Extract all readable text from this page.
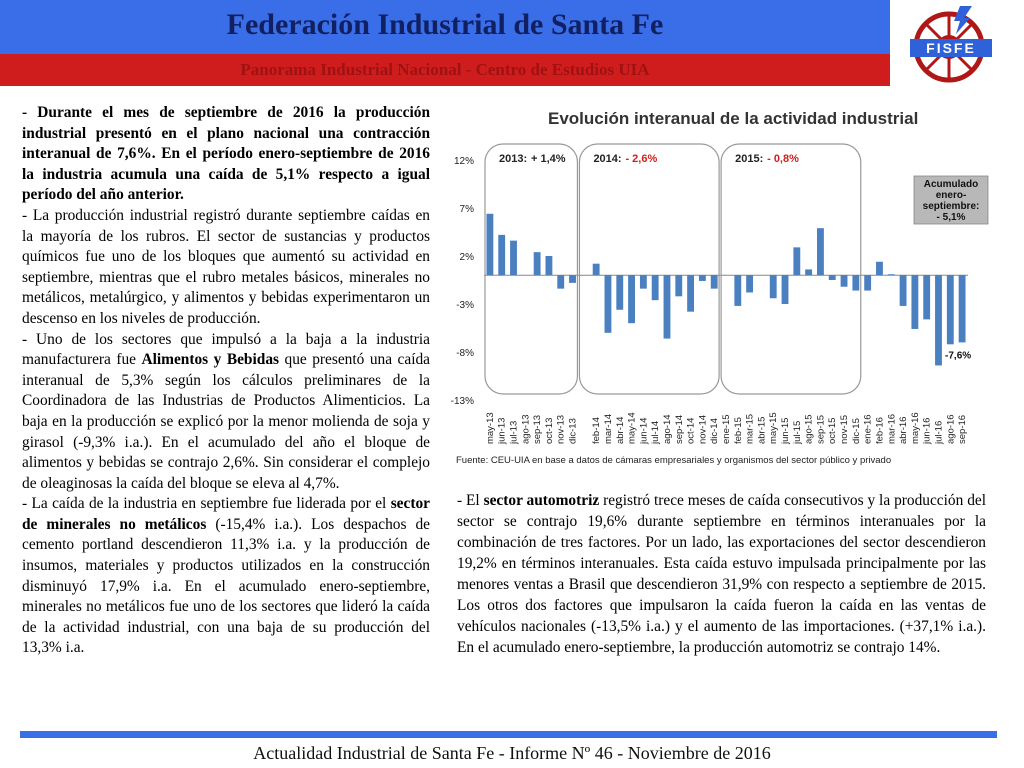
Federación Industrial de Santa Fe
Panorama Industrial Nacional - Centro de Estudios UIA
FISFE

- Durante el mes de septiembre de 2016 la producción industrial presentó en el plano nacional una contracción interanual de 7,6%. En el período enero-septiembre de 2016 la industria acumula una caída de 5,1% respecto a igual período del año anterior.

- La producción industrial registró durante septiembre caídas en la mayoría de los rubros. El sector de sustancias y productos químicos fue uno de los bloques que aumentó su actividad en septiembre, mientras que el rubro metales básicos, minerales no metálicos, metalúrgico, y alimentos y bebidas experimentaron un descenso en los niveles de producción.

- Uno de los sectores que impulsó a la baja a la industria manufacturera fue Alimentos y Bebidas que presentó una caída interanual de 5,3% según los cálculos preliminares de la Coordinadora de las Industrias de Productos Alimenticios. La baja en la producción se explicó por la menor molienda de soja y girasol (-9,3% i.a.). En el acumulado del año el bloque de alimentos y bebidas se contrajo 2,6%. Sin considerar el complejo de oleaginosas la caída del bloque se eleva al 4,7%.

- La caída de la industria en septiembre fue liderada por el sector de minerales no metálicos (-15,4% i.a.). Los despachos de cemento portland descendieron 11,3% i.a. y la producción de insumos, materiales y productos utilizados en la construcción disminuyó 17,9% i.a. En el acumulado enero-septiembre, minerales no metálicos fue uno de los sectores que lideró la caída de la actividad industrial, con una baja de su producción del 13,3% i.a.

Evolución interanual de la actividad industrial
12%
7%
2%
-3%
-8%
-13%
2013: + 1,4%	2014: - 2,6%	2015: - 0,8%
Acumulado
enero-
septiembre:
- 5,1%
-7,6%
may-13 jun-13 jul-13 ago-13 sep-13 oct-13 nov-13 dic-13 feb-14 mar-14 abr-14 may-14 jun-14 jul-14 ago-14 sep-14 oct-14 nov-14 dic-14 ene-15 feb-15 mar-15 abr-15 may-15 jun-15 jul-15 ago-15 sep-15 oct-15 nov-15 dic-15 ene-16 feb-16 mar-16 abr-16 may-16 jun-16 jul-16 ago-16 sep-16
Fuente: CEU-UIA en base a datos de cámaras empresariales y organismos del sector público y privado

- El sector automotriz registró trece meses de caída consecutivos y la producción del sector se contrajo 19,6% durante septiembre en términos interanuales por la combinación de tres factores. Por un lado, las exportaciones del sector descendieron 19,2% en términos interanuales. Esta caída estuvo impulsada principalmente por las menores ventas a Brasil que descendieron 31,9% con respecto a septiembre de 2015. Los otros dos factores que impulsaron la caída fueron la caída en las ventas de vehículos nacionales (-13,5% i.a.) y el aumento de las importaciones. (+37,1% i.a.). En el acumulado enero-septiembre, la producción automotriz se contrajo 14%.

Actualidad Industrial de Santa Fe - Informe Nº 46 - Noviembre de 2016
